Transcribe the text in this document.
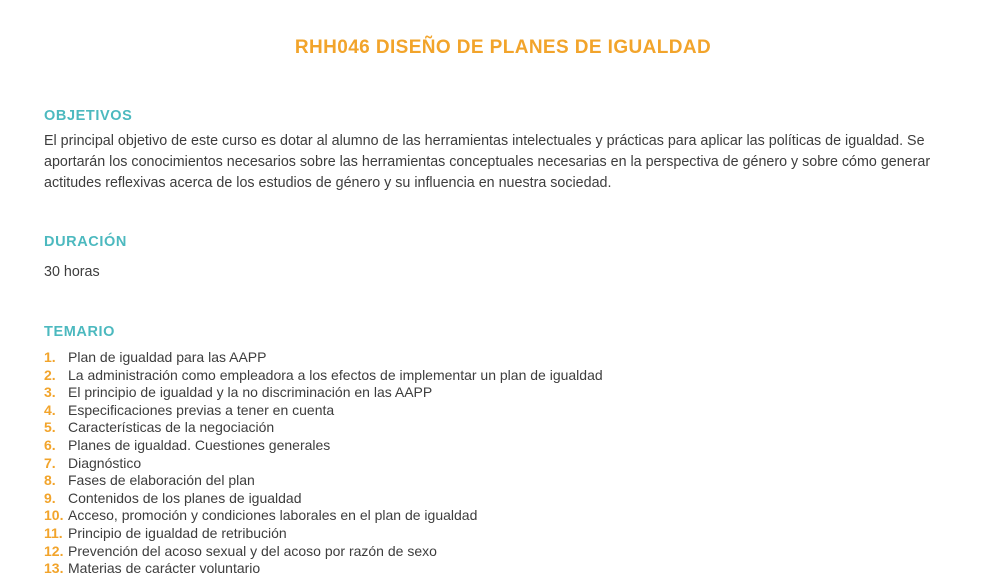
RHH046 DISEÑO DE PLANES DE IGUALDAD
OBJETIVOS

El principal objetivo de este curso es dotar al alumno de las herramientas intelectuales y prácticas para aplicar las políticas de igualdad. Se aportarán los conocimientos necesarios sobre las herramientas conceptuales necesarias en la perspectiva de género y sobre cómo generar actitudes reflexivas acerca de los estudios de género y su influencia en nuestra sociedad.

DURACIÓN

30 horas

TEMARIO
1. Plan de igualdad para las AAPP
2. La administración como empleadora a los efectos de implementar un plan de igualdad
3. El principio de igualdad y la no discriminación en las AAPP
4. Especificaciones previas a tener en cuenta
5. Características de la negociación
6. Planes de igualdad. Cuestiones generales
7. Diagnóstico
8. Fases de elaboración del plan
9. Contenidos de los planes de igualdad
10. Acceso, promoción y condiciones laborales en el plan de igualdad
11. Principio de igualdad de retribución
12. Prevención del acoso sexual y del acoso por razón de sexo
13. Materias de carácter voluntario
